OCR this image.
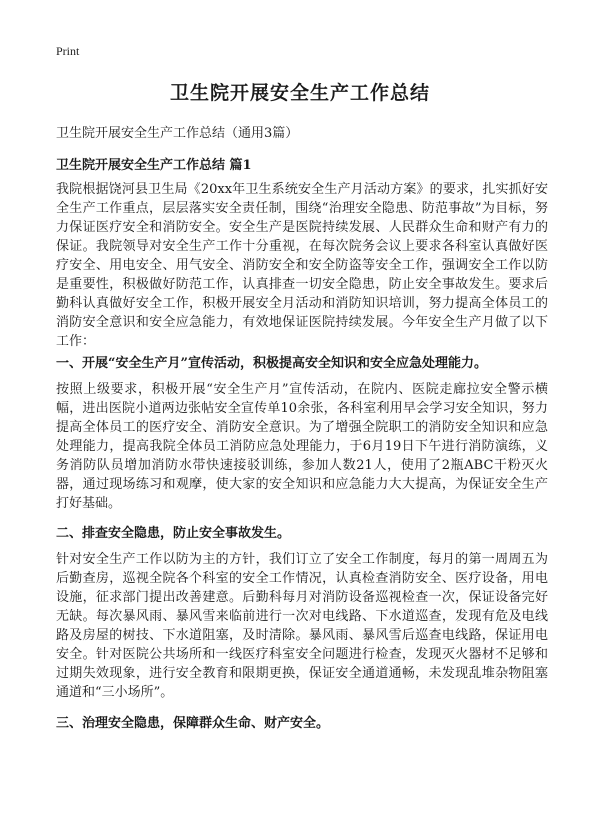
Print
卫生院开展安全生产工作总结
卫生院开展安全生产工作总结（通用3篇）
卫生院开展安全生产工作总结 篇1
我院根据饶河县卫生局《20xx年卫生系统安全生产月活动方案》的要求，扎实抓好安全生产工作重点，层层落实安全责任制，围绕“治理安全隐患、防范事故”为目标，努力保证医疗安全和消防安全。安全生产是医院持续发展、人民群众生命和财产有力的保证。我院领导对安全生产工作十分重视，在每次院务会议上要求各科室认真做好医疗安全、用电安全、用气安全、消防安全和安全防盗等安全工作，强调安全工作以防是重要性，积极做好防范工作，认真排查一切安全隐患，防止安全事故发生。要求后勤科认真做好安全工作，积极开展安全月活动和消防知识培训，努力提高全体员工的消防安全意识和安全应急能力，有效地保证医院持续发展。今年安全生产月做了以下工作：
一、开展“安全生产月”宣传活动，积极提高安全知识和安全应急处理能力。
按照上级要求，积极开展“安全生产月”宣传活动，在院内、医院走廊拉安全警示横幅，进出医院小道两边张帖安全宣传单10余张，各科室利用早会学习安全知识，努力提高全体员工的医疗安全、消防安全意识。为了增强全院职工的消防安全知识和应急处理能力，提高我院全体员工消防应急处理能力，于6月19日下午进行消防演练，义务消防队员增加消防水带快速接驳训练，参加人数21人，使用了2瓶ABC干粉灭火器，通过现场练习和观摩，使大家的安全知识和应急能力大大提高，为保证安全生产打好基础。
二、排查安全隐患，防止安全事故发生。
针对安全生产工作以防为主的方针，我们订立了安全工作制度，每月的第一周周五为后勤查房，巡视全院各个科室的安全工作情况，认真检查消防安全、医疗设备，用电设施，征求部门提出改善建意。后勤科每月对消防设备巡视检查一次，保证设备完好无缺。每次暴风雨、暴风雪来临前进行一次对电线路、下水道巡查，发现有危及电线路及房屋的树技、下水道阻塞，及时清除。暴风雨、暴风雪后巡查电线路，保证用电安全。针对医院公共场所和一线医疗科室安全问题进行检查，发现灭火器材不足够和过期失效现象，进行安全教育和限期更换，保证安全通道通畅，未发现乱堆杂物阻塞通道和“三小场所”。
三、治理安全隐患，保障群众生命、财产安全。
